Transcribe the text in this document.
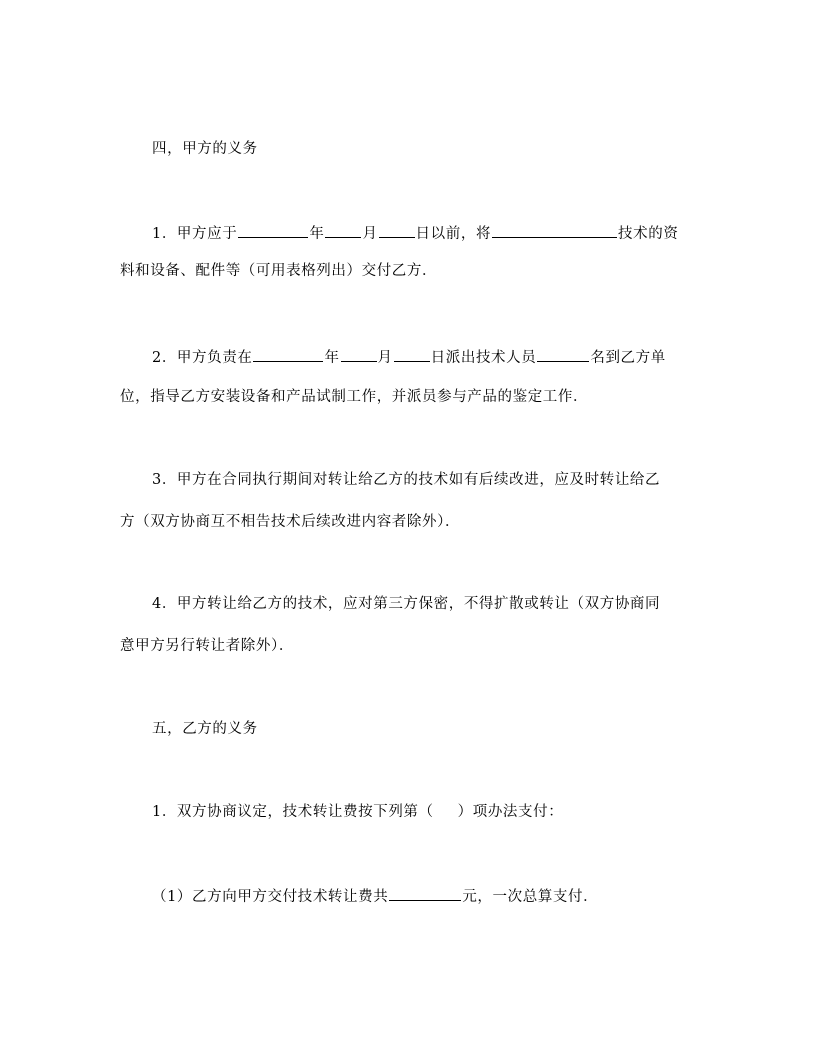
四，甲方的义务
1．甲方应于	年	月	日以前，将	技术的资
料和设备、配件等（可用表格列出）交付乙方．
2．甲方负责在	年	月	日派出技术人员	名到乙方单
位，指导乙方安装设备和产品试制工作，并派员参与产品的鉴定工作．
3．甲方在合同执行期间对转让给乙方的技术如有后续改进，应及时转让给乙
方（双方协商互不相告技术后续改进内容者除外）．
4．甲方转让给乙方的技术，应对第三方保密，不得扩散或转让（双方协商同
意甲方另行转让者除外）．
五，乙方的义务
1．双方协商议定，技术转让费按下列第（ ）项办法支付：
（1）乙方向甲方交付技术转让费共	元，一次总算支付．
